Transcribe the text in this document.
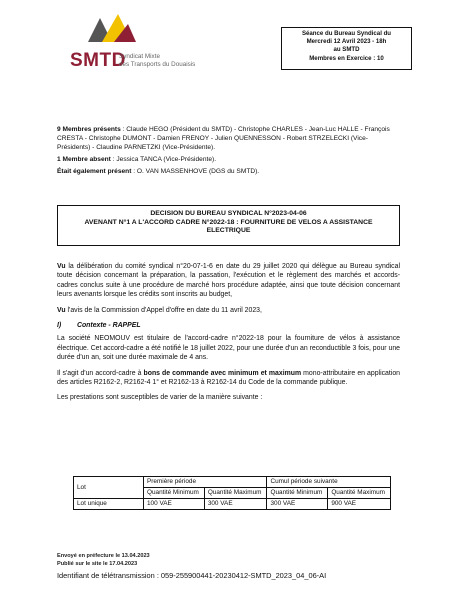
SMTD
Syndicat Mixte
des Transports du Douaisis
Séance du Bureau Syndical du
Mercredi 12 Avril 2023 - 18h
au SMTD
Membres en Exercice : 10

9 Membres présents : Claude HEGO (Président du SMTD) - Christophe CHARLES - Jean-Luc HALLE - François CRESTA - Christophe DUMONT - Damien FRENOY - Julien QUENNESSON - Robert STRZELECKI (Vice-Présidents) - Claudine PARNETZKI (Vice-Présidente).

1 Membre absent : Jessica TANCA (Vice-Présidente).

Était également présent : O. VAN MASSENHOVE (DGS du SMTD).

DECISION DU BUREAU SYNDICAL N°2023-04-06
AVENANT N°1 A L'ACCORD CADRE N°2022-18 : FOURNITURE DE VELOS A ASSISTANCE
ELECTRIQUE

Vu la délibération du comité syndical n°20-07-1-6 en date du 29 juillet 2020 qui délègue au Bureau syndical toute décision concernant la préparation, la passation, l'exécution et le règlement des marchés et accords-cadres conclus suite à une procédure de marché hors procédure adaptée, ainsi que toute décision concernant leurs avenants lorsque les crédits sont inscrits au budget,

Vu l'avis de la Commission d'Appel d'offre en date du 11 avril 2023,

I) Contexte - RAPPEL

La société NEOMOUV est titulaire de l'accord-cadre n°2022-18 pour la fourniture de vélos à assistance électrique. Cet accord-cadre a été notifié le 18 juillet 2022, pour une durée d'un an reconductible 3 fois, pour une durée d'un an, soit une durée maximale de 4 ans.

Il s'agit d'un accord-cadre à bons de commande avec minimum et maximum mono-attributaire en application des articles R2162-2, R2162-4 1° et R2162-13 à R2162-14 du Code de la commande publique.

Les prestations sont susceptibles de varier de la manière suivante :

Lot	Première période		Cumul période suivante	
	Quantité Minimum	Quantité Maximum	Quantité Minimum	Quantité Maximum
Lot unique	100 VAE	300 VAE	300 VAE	900 VAE
Envoyé en préfecture le 13.04.2023
Publié sur le site le 17.04.2023
Identifiant de télétransmission : 059-255900441-20230412-SMTD_2023_04_06-AI
